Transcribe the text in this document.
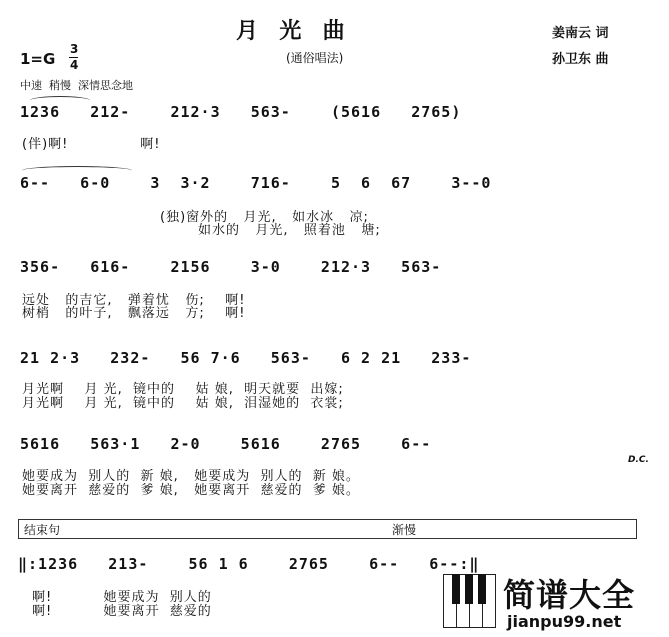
月  光  曲
(通俗唱法)
姜南云 词
孙卫东 曲
1=G
3
4
中速  稍慢  深情思念地
1236   212-    212·3   563-    (5616   2765)
(伴)啊!              啊!
6--   6-0    3  3·2    716-    5  6  67    3--0
(独)窗外的   月光,   如水冰   凉;
如水的   月光,   照着池   塘;
356-   616-    2156    3-0    212·3   563-
远处   的吉它,   弹着忧   伤;    啊!
树梢   的叶子,   飘落远   方;    啊!
21 2·3   232-   56 7·6   563-   6 2 21   233-
月光啊    月 光,  镜中的    姑 娘,  明天就要  出嫁;
月光啊    月 光,  镜中的    姑 娘,  泪湿她的  衣裳;
5616   563·1   2-0    5616    2765    6--
D.C.
她要成为  别人的  新 娘,   她要成为  别人的  新 娘。
她要离开  慈爱的  爹 娘,   她要离开  慈爱的  爹 娘。
结束句	渐慢
‖:1236   213-    56 1 6    2765    6--   6--:‖
啊!          她要成为  别人的
啊!          她要离开  慈爱的	简谱大全
jianpu99.net
